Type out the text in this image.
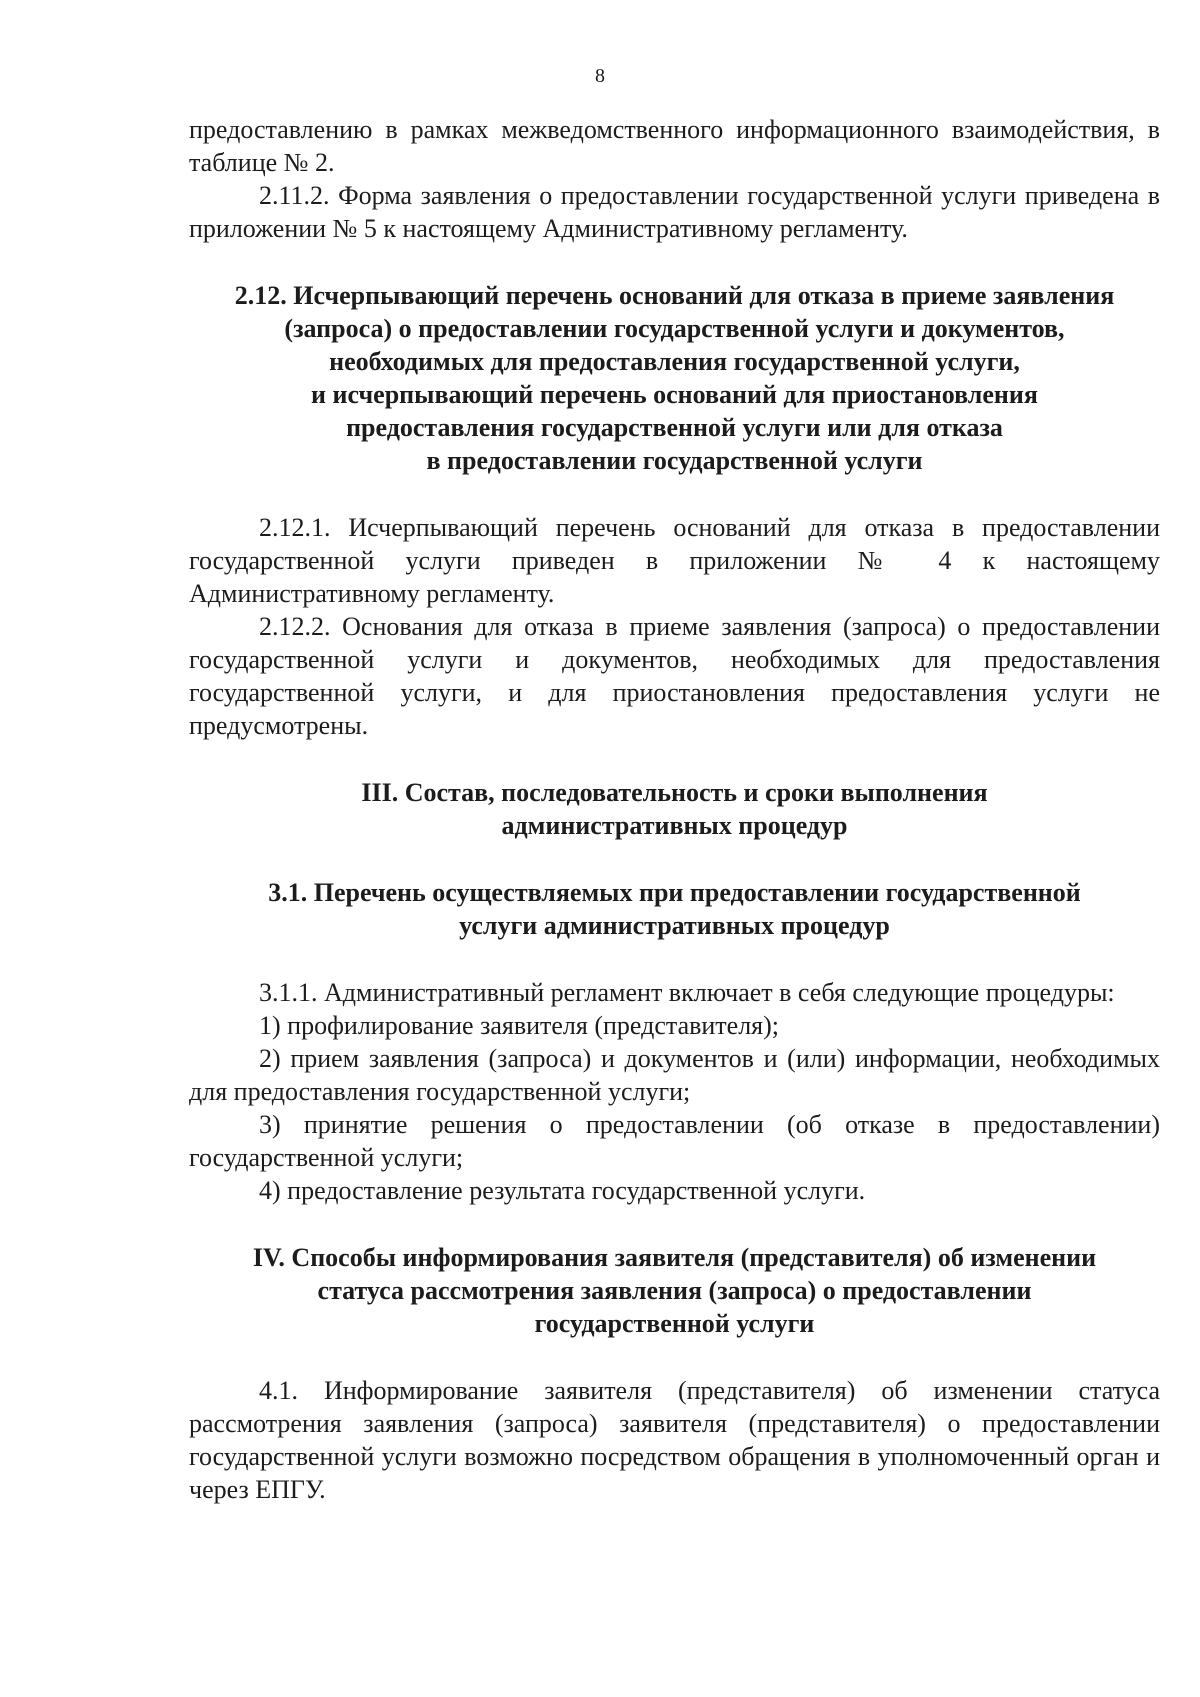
8

предоставлению в рамках межведомственного информационного взаимодействия, в таблице № 2.

2.11.2. Форма заявления о предоставлении государственной услуги приведена в приложении № 5 к настоящему Административному регламенту.

2.12. Исчерпывающий перечень оснований для отказа в приеме заявления
(запроса) о предоставлении государственной услуги и документов,
необходимых для предоставления государственной услуги,
и исчерпывающий перечень оснований для приостановления
предоставления государственной услуги или для отказа
в предоставлении государственной услуги

2.12.1. Исчерпывающий перечень оснований для отказа в предоставлении государственной услуги приведен в приложении № 4 к настоящему Административному регламенту.

2.12.2. Основания для отказа в приеме заявления (запроса) о предоставлении государственной услуги и документов, необходимых для предоставления государственной услуги, и для приостановления предоставления услуги не предусмотрены.

III. Состав, последовательность и сроки выполнения
административных процедур
3.1. Перечень осуществляемых при предоставлении государственной
услуги административных процедур

3.1.1. Административный регламент включает в себя следующие процедуры:

1) профилирование заявителя (представителя);

2) прием заявления (запроса) и документов и (или) информации, необходимых для предоставления государственной услуги;

3) принятие решения о предоставлении (об отказе в предоставлении) государственной услуги;

4) предоставление результата государственной услуги.

IV. Способы информирования заявителя (представителя) об изменении
статуса рассмотрения заявления (запроса) о предоставлении
государственной услуги

4.1. Информирование заявителя (представителя) об изменении статуса рассмотрения заявления (запроса) заявителя (представителя) о предоставлении государственной услуги возможно посредством обращения в уполномоченный орган и через ЕПГУ.
